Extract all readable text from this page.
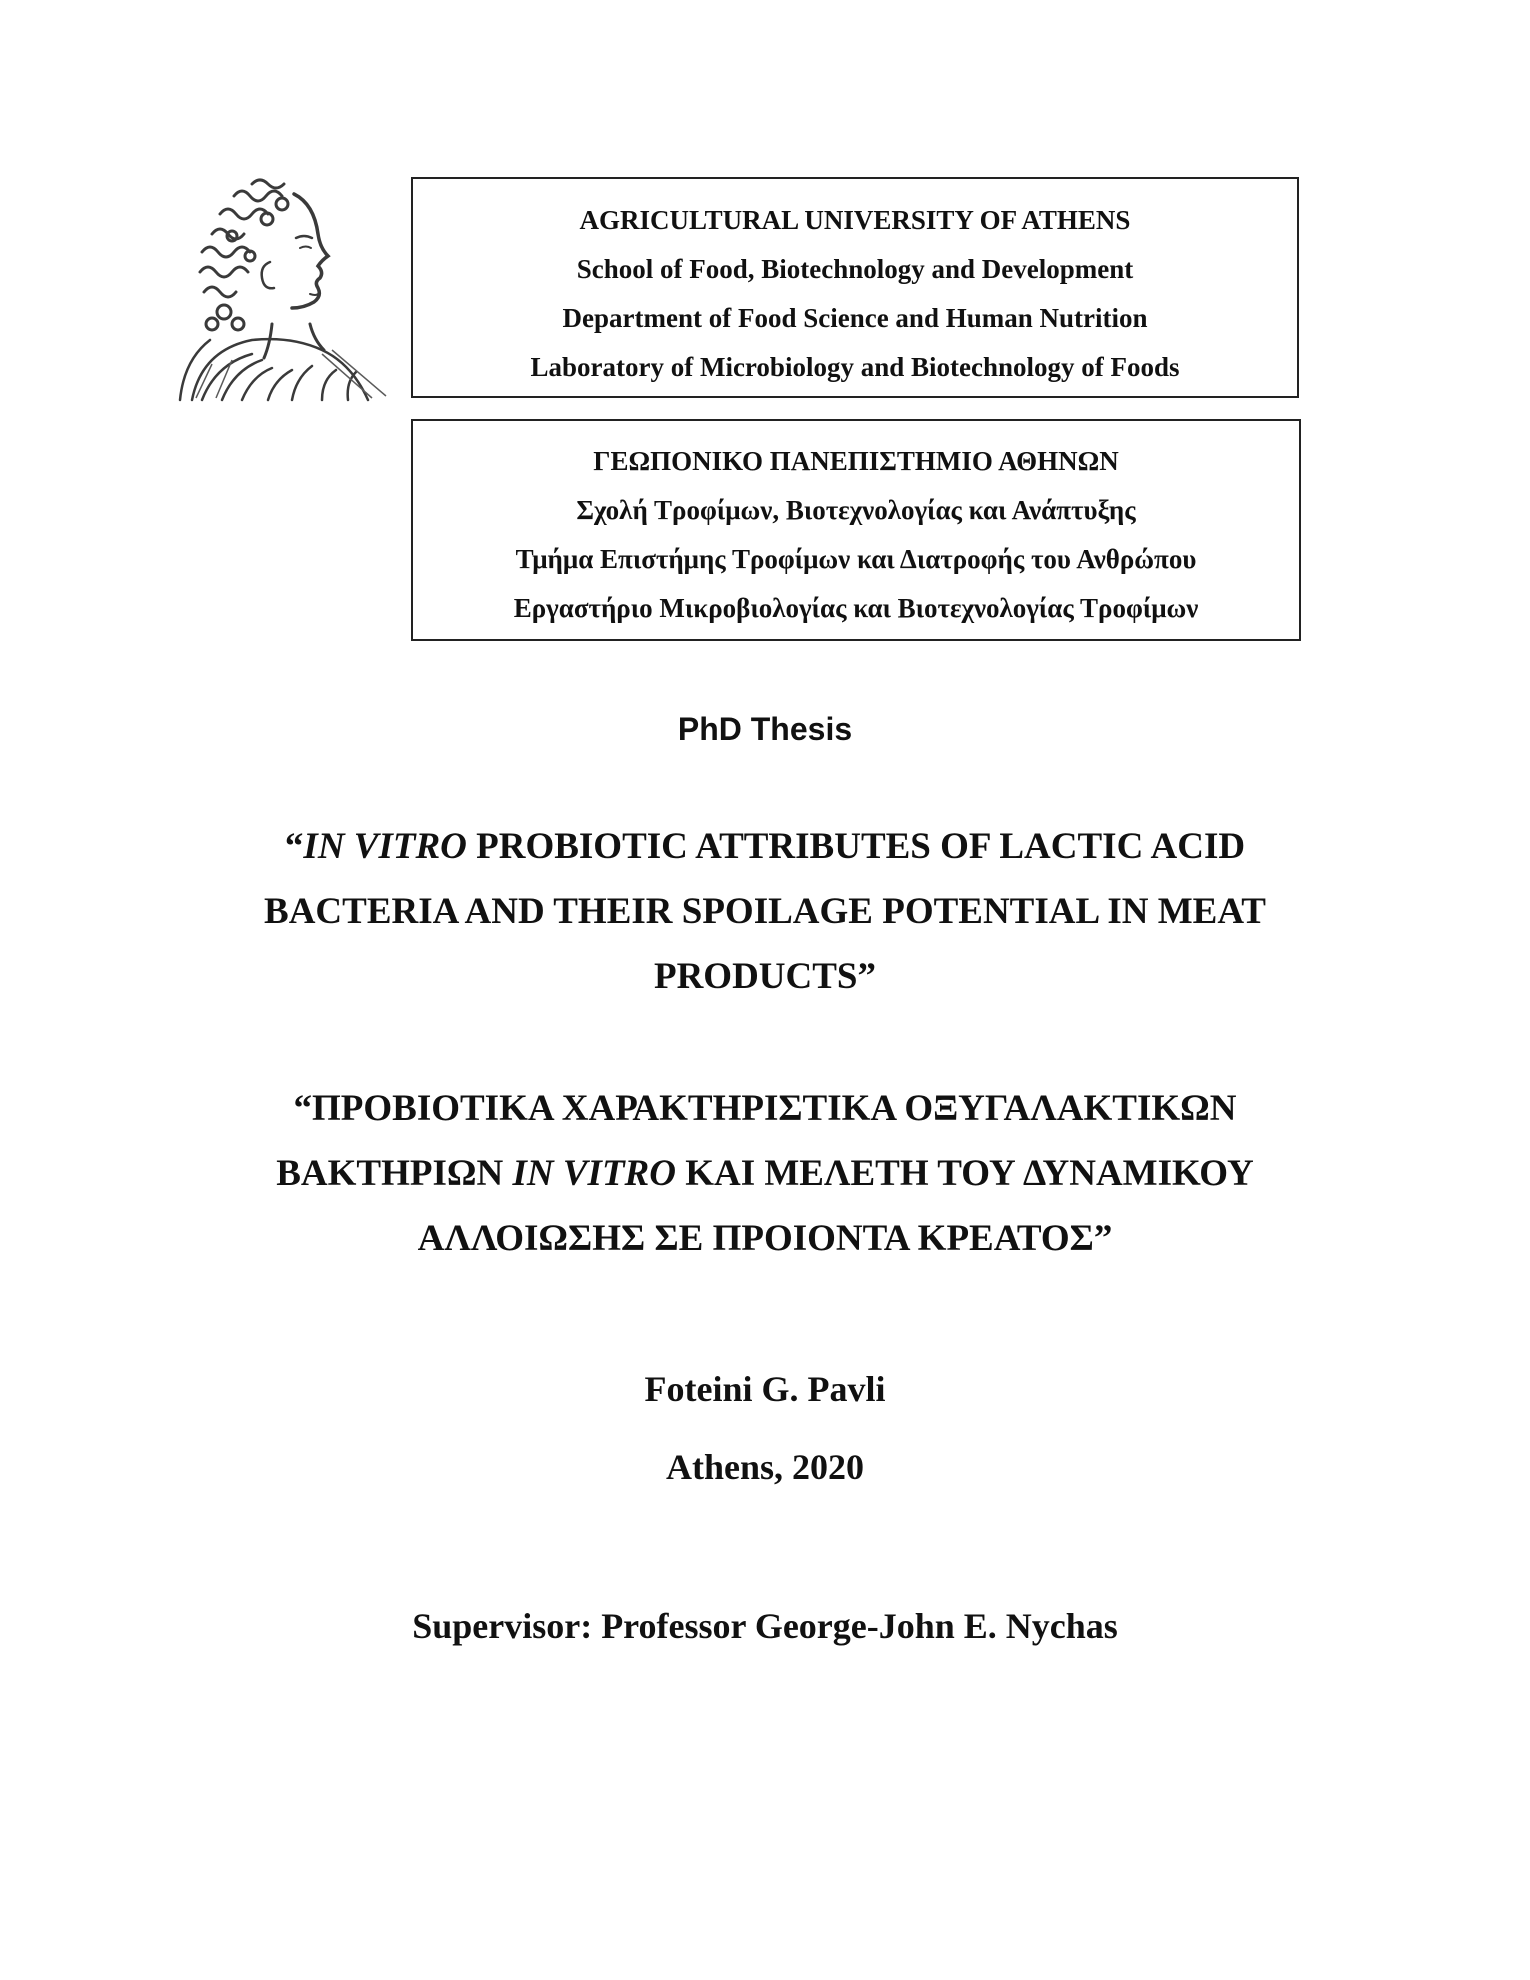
AGRICULTURAL UNIVERSITY OF ATHENS
School of Food, Biotechnology and Development
Department of Food Science and Human Nutrition
Laboratory of Microbiology and Biotechnology of Foods
ΓΕΩΠΟΝΙΚΟ ΠΑΝΕΠΙΣΤΗΜΙΟ ΑΘΗΝΩΝ
Σχολή Τροφίμων, Βιοτεχνολογίας και Ανάπτυξης
Τμήμα Επιστήμης Τροφίμων και Διατροφής του Ανθρώπου
Εργαστήριο Μικροβιολογίας και Βιοτεχνολογίας Τροφίμων
PhD Thesis
“IN VITRO PROBIOTIC ATTRIBUTES OF LACTIC ACID
BACTERIA AND THEIR SPOILAGE POTENTIAL IN MEAT
PRODUCTS”
“ΠΡΟΒΙΟΤΙΚΑ ΧΑΡΑΚΤΗΡΙΣΤΙΚΑ ΟΞΥΓΑΛΑΚΤΙΚΩΝ
ΒΑΚΤΗΡΙΩΝ IN VITRO ΚΑΙ ΜΕΛΕΤΗ ΤΟΥ ΔΥΝΑΜΙΚΟΥ
ΑΛΛΟΙΩΣΗΣ ΣΕ ΠΡΟΙΟΝΤΑ ΚΡΕΑΤΟΣ”
Foteini G. Pavli
Athens, 2020
Supervisor: Professor George-John E. Nychas
